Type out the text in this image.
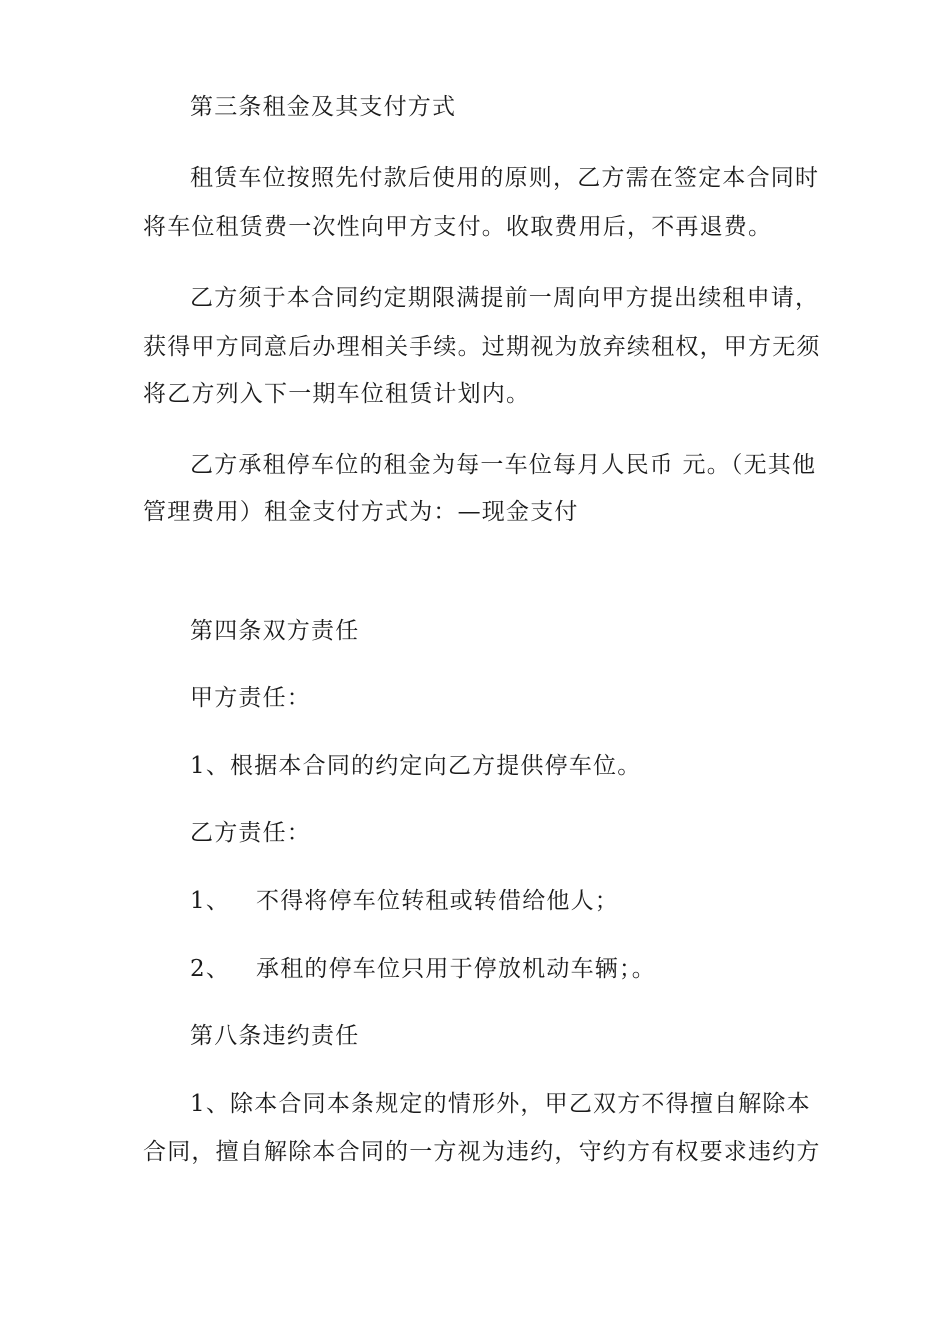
第三条租金及其支付方式
租赁车位按照先付款后使用的原则，乙方需在签定本合同时
将车位租赁费一次性向甲方支付。收取费用后，不再退费。
乙方须于本合同约定期限满提前一周向甲方提出续租申请，
获得甲方同意后办理相关手续。过期视为放弃续租权，甲方无须
将乙方列入下一期车位租赁计划内。
乙方承租停车位的租金为每一车位每月人民币 元。（无其他
管理费用）租金支付方式为：—现金支付
第四条双方责任
甲方责任：
1、根据本合同的约定向乙方提供停车位。
乙方责任：
1、 不得将停车位转租或转借给他人；
2、 承租的停车位只用于停放机动车辆；。
第八条违约责任
1、除本合同本条规定的情形外，甲乙双方不得擅自解除本
合同，擅自解除本合同的一方视为违约，守约方有权要求违约方
